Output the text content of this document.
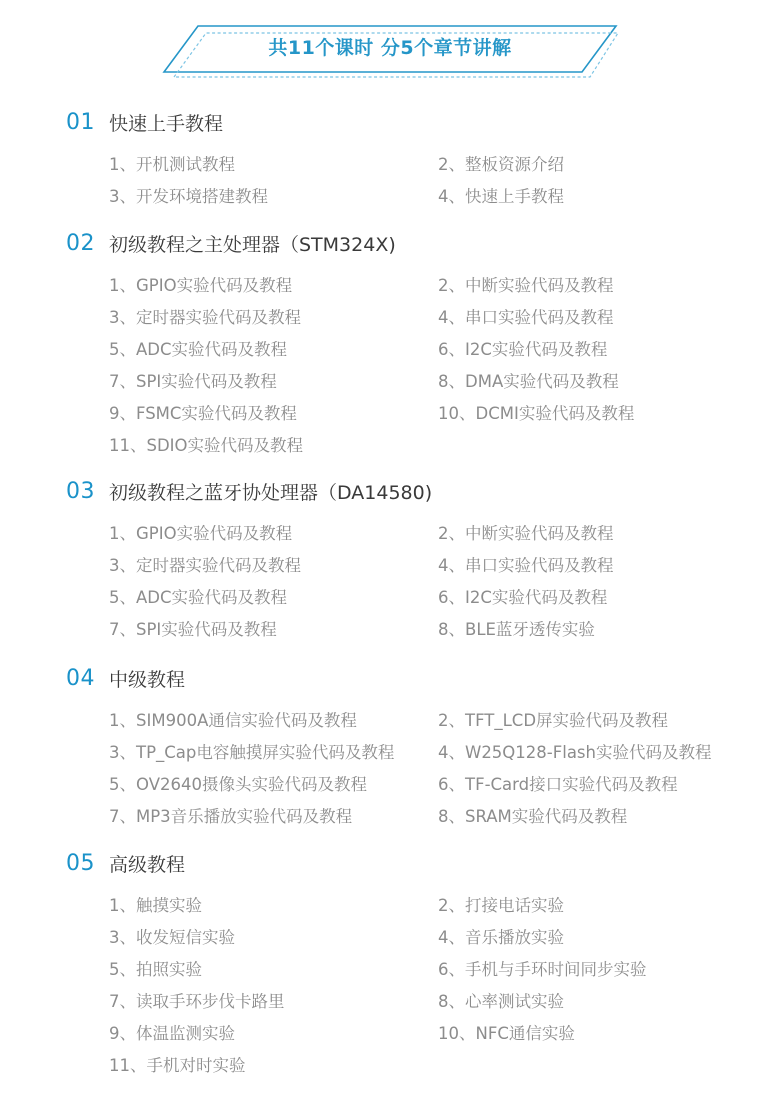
共11个课时 分5个章节讲解
01 快速上手教程
1、开机测试教程	2、整板资源介绍
3、开发环境搭建教程	4、快速上手教程
02 初级教程之主处理器（STM324X)
1、GPIO实验代码及教程	2、中断实验代码及教程
3、定时器实验代码及教程	4、串口实验代码及教程
5、ADC实验代码及教程	6、I2C实验代码及教程
7、SPI实验代码及教程	8、DMA实验代码及教程
9、FSMC实验代码及教程	10、DCMI实验代码及教程
11、SDIO实验代码及教程
03 初级教程之蓝牙协处理器（DA14580)
1、GPIO实验代码及教程	2、中断实验代码及教程
3、定时器实验代码及教程	4、串口实验代码及教程
5、ADC实验代码及教程	6、I2C实验代码及教程
7、SPI实验代码及教程	8、BLE蓝牙透传实验
04 中级教程
1、SIM900A通信实验代码及教程	2、TFT_LCD屏实验代码及教程
3、TP_Cap电容触摸屏实验代码及教程	4、W25Q128-Flash实验代码及教程
5、OV2640摄像头实验代码及教程	6、TF-Card接口实验代码及教程
7、MP3音乐播放实验代码及教程	8、SRAM实验代码及教程
05 高级教程
1、触摸实验	2、打接电话实验
3、收发短信实验	4、音乐播放实验
5、拍照实验	6、手机与手环时间同步实验
7、读取手环步伐卡路里	8、心率测试实验
9、体温监测实验	10、NFC通信实验
11、手机对时实验
